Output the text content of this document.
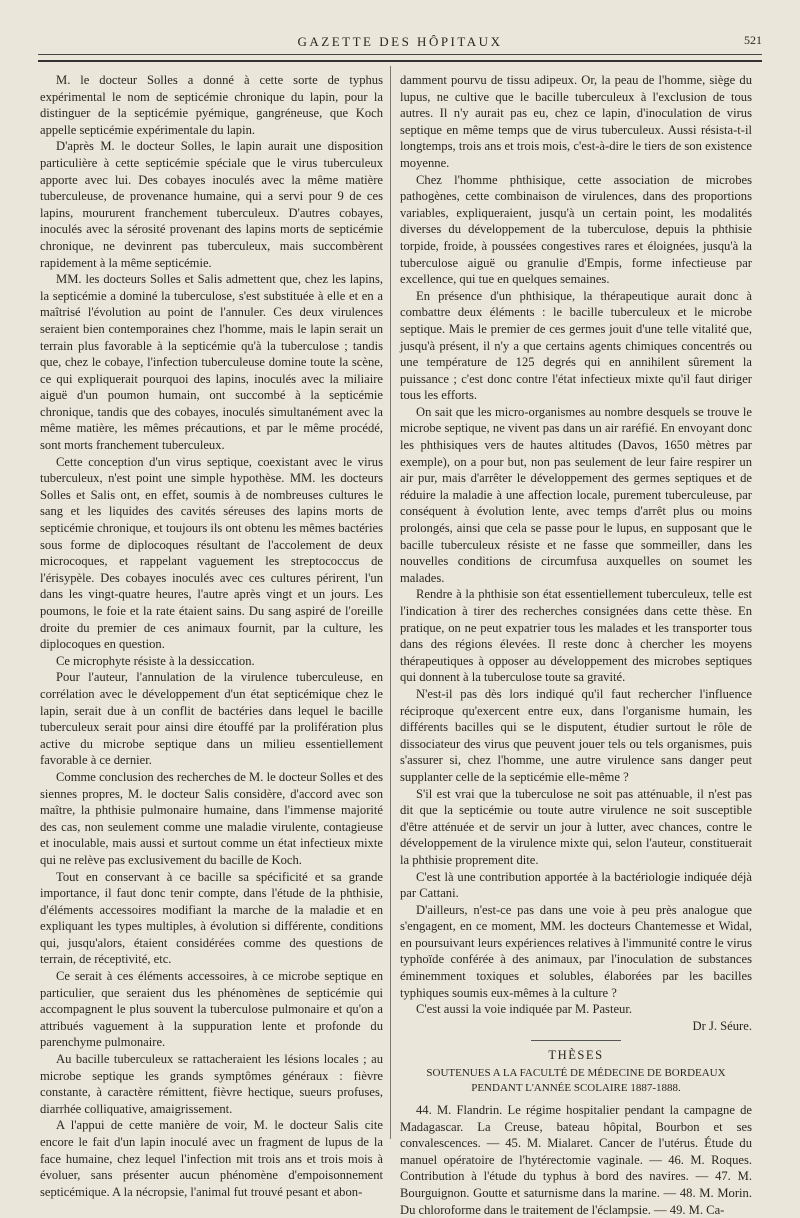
GAZETTE DES HÔPITAUX	521

M. le docteur Solles a donné à cette sorte de typhus expérimental le nom de septicémie chronique du lapin, pour la distinguer de la septicémie pyémique, gangréneuse, que Koch appelle septicémie expérimentale du lapin.

D'après M. le docteur Solles, le lapin aurait une disposition particulière à cette septicémie spéciale que le virus tuberculeux apporte avec lui. Des cobayes inoculés avec la même matière tuberculeuse, de provenance humaine, qui a servi pour 9 de ces lapins, moururent franchement tuberculeux. D'autres cobayes, inoculés avec la sérosité provenant des lapins morts de septicémie chronique, ne devinrent pas tuberculeux, mais succombèrent rapidement à la même septicémie.

MM. les docteurs Solles et Salis admettent que, chez les lapins, la septicémie a dominé la tuberculose, s'est substituée à elle et en a maîtrisé l'évolution au point de l'annuler. Ces deux virulences seraient bien contemporaines chez l'homme, mais le lapin serait un terrain plus favorable à la septicémie qu'à la tuberculose ; tandis que, chez le cobaye, l'infection tuberculeuse domine toute la scène, ce qui expliquerait pourquoi des lapins, inoculés avec la miliaire aiguë d'un poumon humain, ont succombé à la septicémie chronique, tandis que des cobayes, inoculés simultanément avec la même matière, les mêmes précautions, et par le même procédé, sont morts franchement tuberculeux.

Cette conception d'un virus septique, coexistant avec le virus tuberculeux, n'est point une simple hypothèse. MM. les docteurs Solles et Salis ont, en effet, soumis à de nombreuses cultures le sang et les liquides des cavités séreuses des lapins morts de septicémie chronique, et toujours ils ont obtenu les mêmes bactéries sous forme de diplocoques résultant de l'accolement de deux microcoques, et rappelant vaguement les streptococcus de l'érisypèle. Des cobayes inoculés avec ces cultures périrent, l'un dans les vingt-quatre heures, l'autre après vingt et un jours. Les poumons, le foie et la rate étaient sains. Du sang aspiré de l'oreille droite du premier de ces animaux fournit, par la culture, les diplocoques en question.

Ce microphyte résiste à la dessiccation.

Pour l'auteur, l'annulation de la virulence tuberculeuse, en corrélation avec le développement d'un état septicémique chez le lapin, serait due à un conflit de bactéries dans lequel le bacille tuberculeux serait pour ainsi dire étouffé par la prolifération plus active du microbe septique dans un milieu essentiellement favorable à ce dernier.

Comme conclusion des recherches de M. le docteur Solles et des siennes propres, M. le docteur Salis considère, d'accord avec son maître, la phthisie pulmonaire humaine, dans l'immense majorité des cas, non seulement comme une maladie virulente, contagieuse et inoculable, mais aussi et surtout comme un état infectieux mixte qui ne relève pas exclusivement du bacille de Koch.

Tout en conservant à ce bacille sa spécificité et sa grande importance, il faut donc tenir compte, dans l'étude de la phthisie, d'éléments accessoires modifiant la marche de la maladie et en expliquant les types multiples, à évolution si différente, conditions qui, jusqu'alors, étaient considérées comme des questions de terrain, de réceptivité, etc.

Ce serait à ces éléments accessoires, à ce microbe septique en particulier, que seraient dus les phénomènes de septicémie qui accompagnent le plus souvent la tuberculose pulmonaire et qu'on a attribués vaguement à la suppuration lente et profonde du parenchyme pulmonaire.

Au bacille tuberculeux se rattacheraient les lésions locales ; au microbe septique les grands symptômes généraux : fièvre constante, à caractère rémittent, fièvre hectique, sueurs profuses, diarrhée colliquative, amaigrissement.

A l'appui de cette manière de voir, M. le docteur Salis cite encore le fait d'un lapin inoculé avec un fragment de lupus de la face humaine, chez lequel l'infection mit trois ans et trois mois à évoluer, sans présenter aucun phénomène d'empoisonnement septicémique. A la nécropsie, l'animal fut trouvé pesant et abon-

damment pourvu de tissu adipeux. Or, la peau de l'homme, siège du lupus, ne cultive que le bacille tuberculeux à l'exclusion de tous autres. Il n'y aurait pas eu, chez ce lapin, d'inoculation de virus septique en même temps que de virus tuberculeux. Aussi résista-t-il longtemps, trois ans et trois mois, c'est-à-dire le tiers de son existence moyenne.

Chez l'homme phthisique, cette association de microbes pathogènes, cette combinaison de virulences, dans des proportions variables, expliqueraient, jusqu'à un certain point, les modalités diverses du développement de la tuberculose, depuis la phthisie torpide, froide, à poussées congestives rares et éloignées, jusqu'à la tuberculose aiguë ou granulie d'Empis, forme infectieuse par excellence, qui tue en quelques semaines.

En présence d'un phthisique, la thérapeutique aurait donc à combattre deux éléments : le bacille tuberculeux et le microbe septique. Mais le premier de ces germes jouit d'une telle vitalité que, jusqu'à présent, il n'y a que certains agents chimiques concentrés ou une température de 125 degrés qui en annihilent sûrement la puissance ; c'est donc contre l'état infectieux mixte qu'il faut diriger tous les efforts.

On sait que les micro-organismes au nombre desquels se trouve le microbe septique, ne vivent pas dans un air raréfié. En envoyant donc les phthisiques vers de hautes altitudes (Davos, 1650 mètres par exemple), on a pour but, non pas seulement de leur faire respirer un air pur, mais d'arrêter le développement des germes septiques et de réduire la maladie à une affection locale, purement tuberculeuse, par conséquent à évolution lente, avec temps d'arrêt plus ou moins prolongés, ainsi que cela se passe pour le lupus, en supposant que le bacille tuberculeux résiste et ne fasse que sommeiller, dans les nouvelles conditions de circumfusa auxquelles on soumet les malades.

Rendre à la phthisie son état essentiellement tuberculeux, telle est l'indication à tirer des recherches consignées dans cette thèse. En pratique, on ne peut expatrier tous les malades et les transporter tous dans des régions élevées. Il reste donc à chercher les moyens thérapeutiques à opposer au développement des microbes septiques qui donnent à la tuberculose toute sa gravité.

N'est-il pas dès lors indiqué qu'il faut rechercher l'influence réciproque qu'exercent entre eux, dans l'organisme humain, les différents bacilles qui se le disputent, étudier surtout le rôle de dissociateur des virus que peuvent jouer tels ou tels organismes, puis s'assurer si, chez l'homme, une autre virulence sans danger peut supplanter celle de la septicémie elle-même ?

S'il est vrai que la tuberculose ne soit pas atténuable, il n'est pas dit que la septicémie ou toute autre virulence ne soit susceptible d'être atténuée et de servir un jour à lutter, avec chances, contre le développement de la virulence mixte qui, selon l'auteur, constituerait la phthisie proprement dite.

C'est là une contribution apportée à la bactériologie indiquée déjà par Cattani.

D'ailleurs, n'est-ce pas dans une voie à peu près analogue que s'engagent, en ce moment, MM. les docteurs Chantemesse et Widal, en poursuivant leurs expériences relatives à l'immunité contre le virus typhoïde conférée à des animaux, par l'inoculation de substances éminemment toxiques et solubles, élaborées par les bacilles typhiques soumis eux-mêmes à la culture ?

C'est aussi la voie indiquée par M. Pasteur.

Dr J. Séure.
THÈSES
SOUTENUES A LA FACULTÉ DE MÉDECINE DE BORDEAUX
PENDANT L'ANNÉE SCOLAIRE 1887-1888.

44. M. Flandrin. Le régime hospitalier pendant la campagne de Madagascar. La Creuse, bateau hôpital, Bourbon et ses convalescences. — 45. M. Mialaret. Cancer de l'utérus. Étude du manuel opératoire de l'hytérectomie vaginale. — 46. M. Roques. Contribution à l'étude du typhus à bord des navires. — 47. M. Bourguignon. Goutte et saturnisme dans la marine. — 48. M. Morin. Du chloroforme dans le traitement de l'éclampsie. — 49. M. Ca-
